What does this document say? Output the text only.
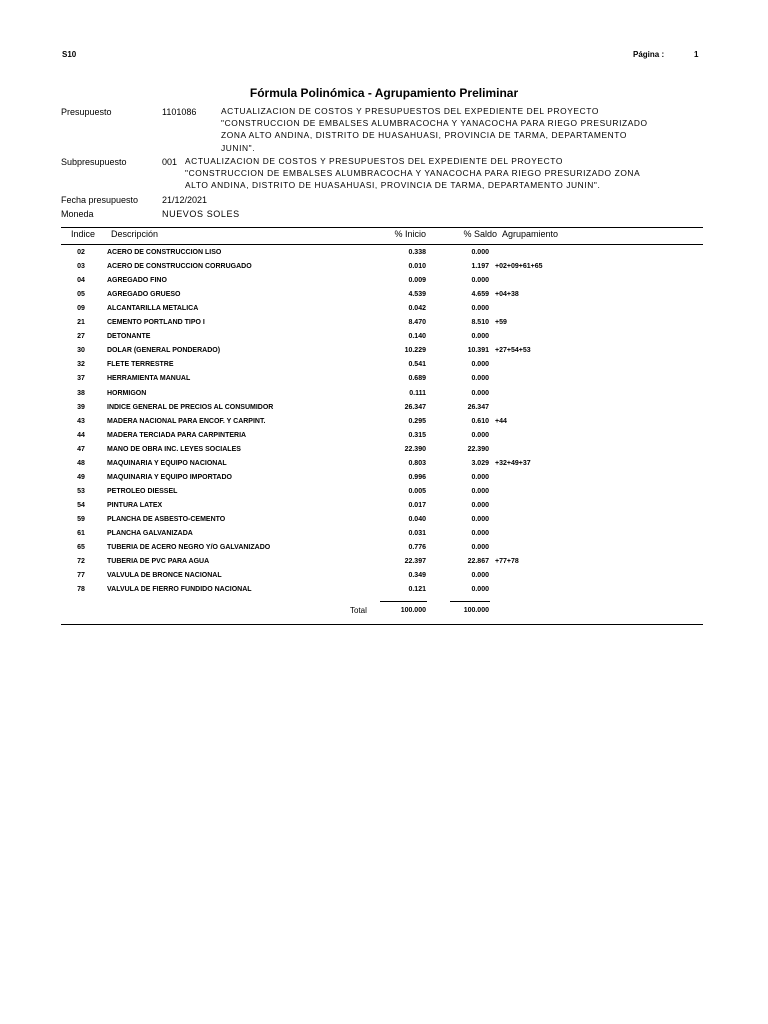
S10	Página :	1
Fórmula Polinómica - Agrupamiento Preliminar
Presupuesto	1101086	ACTUALIZACION DE COSTOS Y PRESUPUESTOS DEL EXPEDIENTE DEL PROYECTO "CONSTRUCCION DE EMBALSES ALUMBRACOCHA Y YANACOCHA PARA RIEGO PRESURIZADO ZONA ALTO ANDINA, DISTRITO DE HUASAHUASI, PROVINCIA DE TARMA, DEPARTAMENTO JUNIN".
Subpresupuesto	001 ACTUALIZACION DE COSTOS Y PRESUPUESTOS DEL EXPEDIENTE DEL PROYECTO "CONSTRUCCION DE EMBALSES ALUMBRACOCHA Y YANACOCHA PARA RIEGO PRESURIZADO ZONA ALTO ANDINA, DISTRITO DE HUASAHUASI, PROVINCIA DE TARMA, DEPARTAMENTO JUNIN".
Fecha presupuesto	21/12/2021
Moneda	NUEVOS SOLES
Indice Descripción	% Inicio	% Saldo Agrupamiento
02	ACERO DE CONSTRUCCION LISO	0.338	0.000
03	ACERO DE CONSTRUCCION CORRUGADO	0.010	1.197 +02+09+61+65
04	AGREGADO FINO	0.009	0.000
05	AGREGADO GRUESO	4.539	4.659 +04+38
09	ALCANTARILLA METALICA	0.042	0.000
21	CEMENTO PORTLAND TIPO I	8.470	8.510 +59
27	DETONANTE	0.140	0.000
30	DOLAR (GENERAL PONDERADO)	10.229	10.391 +27+54+53
32	FLETE TERRESTRE	0.541	0.000
37	HERRAMIENTA MANUAL	0.689	0.000
38	HORMIGON	0.111	0.000
39	INDICE GENERAL DE PRECIOS AL CONSUMIDOR	26.347	26.347
43	MADERA NACIONAL PARA ENCOF. Y CARPINT.	0.295	0.610 +44
44	MADERA TERCIADA PARA CARPINTERIA	0.315	0.000
47	MANO DE OBRA INC. LEYES SOCIALES	22.390	22.390
48	MAQUINARIA Y EQUIPO NACIONAL	0.803	3.029 +32+49+37
49	MAQUINARIA Y EQUIPO IMPORTADO	0.996	0.000
53	PETROLEO DIESSEL	0.005	0.000
54	PINTURA LATEX	0.017	0.000
59	PLANCHA DE ASBESTO-CEMENTO	0.040	0.000
61	PLANCHA GALVANIZADA	0.031	0.000
65	TUBERIA DE ACERO NEGRO Y/O GALVANIZADO	0.776	0.000
72	TUBERIA DE PVC PARA AGUA	22.397	22.867 +77+78
77	VALVULA DE BRONCE NACIONAL	0.349	0.000
78	VALVULA DE FIERRO FUNDIDO NACIONAL	0.121	0.000
Total	100.000	100.000
